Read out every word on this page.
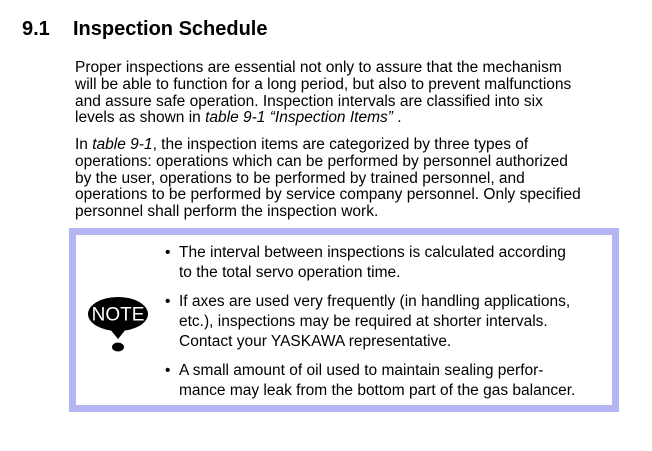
9.1 Inspection Schedule

Proper inspections are essential not only to assure that the mechanism
will be able to function for a long period, but also to prevent malfunctions
and assure safe operation. Inspection intervals are classified into six
levels as shown in table 9-1 “Inspection Items” .

In table 9-1, the inspection items are categorized by three types of
operations: operations which can be performed by personnel authorized
by the user, operations to be performed by trained personnel, and
operations to be performed by service company personnel. Only specified
personnel shall perform the inspection work.

NOTE
• The interval between inspections is calculated according
to the total servo operation time.
• If axes are used very frequently (in handling applications,
etc.), inspections may be required at shorter intervals.
Contact your YASKAWA representative.
• A small amount of oil used to maintain sealing perfor-
mance may leak from the bottom part of the gas balancer.
